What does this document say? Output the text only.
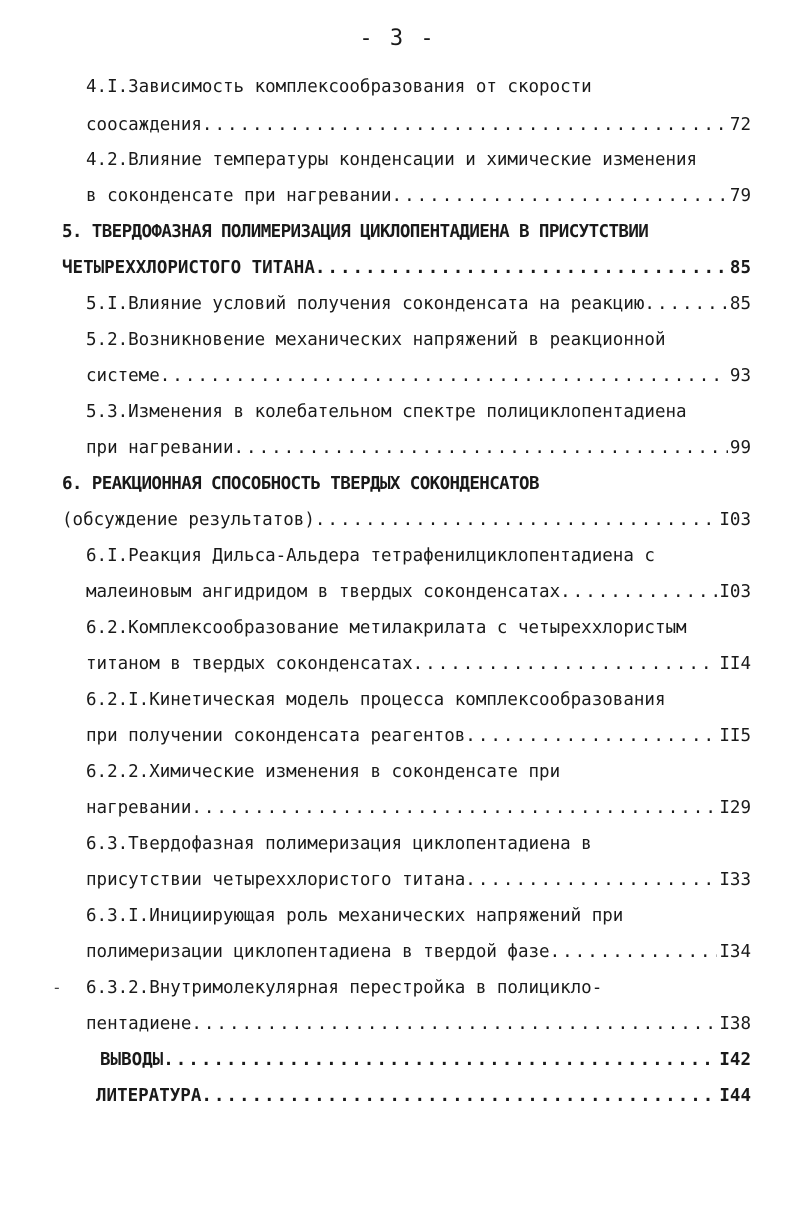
- 3 -
4.I.Зависимость комплексообразования от скорости
соосаждения .....	72
4.2.Влияние температуры конденсации и химические изменения
в соконденсате при нагревании .....	79
5. ТВЕРДОФАЗНАЯ ПОЛИМЕРИЗАЦИЯ ЦИКЛОПЕНТАДИЕНА В ПРИСУТСТВИИ
ЧЕТЫРЕХХЛОРИСТОГО ТИТАНА .....	85
5.I.Влияние условий получения соконденсата на реакцию .....	85
5.2.Возникновение механических напряжений в реакционной
системе .....	93
5.3.Изменения в колебательном спектре полициклопентадиена
при нагревании .....	99
6. РЕАКЦИОННАЯ СПОСОБНОСТЬ ТВЕРДЫХ СОКОНДЕНСАТОВ
(обсуждение результатов) .....	I03
6.I.Реакция Дильса-Альдера тетрафенилциклопентадиена с
малеиновым ангидридом в твердых соконденсатах .....	I03
6.2.Комплексообразование метилакрилата с четыреххлористым
титаном в твердых соконденсатах .....	II4
6.2.I.Кинетическая модель процесса комплексообразования
при получении соконденсата реагентов .....	II5
6.2.2.Химические изменения в соконденсате при
нагревании .....	I29
6.3.Твердофазная полимеризация циклопентадиена в
присутствии четыреххлористого титана .....	I33
6.3.I.Инициирующая роль механических напряжений при
полимеризации циклопентадиена в твердой фазе .....	I34
6.3.2.Внутримолекулярная перестройка в полицикло-
пентадиене .....	I38
ВЫВОДЫ .....	I42
ЛИТЕРАТУРА .....	I44
-
